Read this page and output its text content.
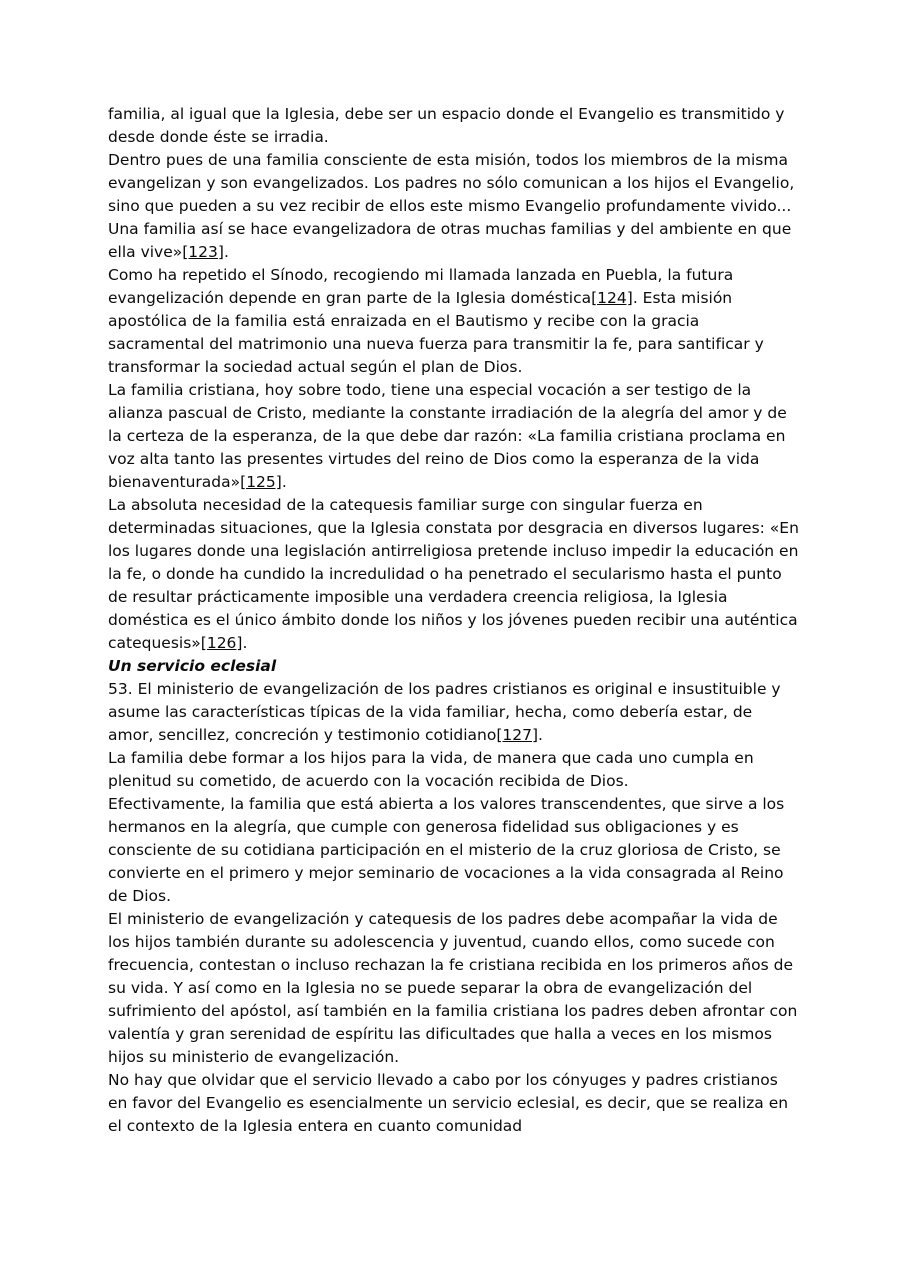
familia, al igual que la Iglesia, debe ser un espacio donde el Evangelio es transmitido y desde donde éste se irradia.

Dentro pues de una familia consciente de esta misión, todos los miembros de la misma evangelizan y son evangelizados. Los padres no sólo comunican a los hijos el Evangelio, sino que pueden a su vez recibir de ellos este mismo Evangelio profundamente vivido... Una familia así se hace evangelizadora de otras muchas familias y del ambiente en que ella vive»[123].

Como ha repetido el Sínodo, recogiendo mi llamada lanzada en Puebla, la futura evangelización depende en gran parte de la Iglesia doméstica[124]. Esta misión apostólica de la familia está enraizada en el Bautismo y recibe con la gracia sacramental del matrimonio una nueva fuerza para transmitir la fe, para santificar y transformar la sociedad actual según el plan de Dios.

La familia cristiana, hoy sobre todo, tiene una especial vocación a ser testigo de la alianza pascual de Cristo, mediante la constante irradiación de la alegría del amor y de la certeza de la esperanza, de la que debe dar razón: «La familia cristiana proclama en voz alta tanto las presentes virtudes del reino de Dios como la esperanza de la vida bienaventurada»[125].

La absoluta necesidad de la catequesis familiar surge con singular fuerza en determinadas situaciones, que la Iglesia constata por desgracia en diversos lugares: «En los lugares donde una legislación antirreligiosa pretende incluso impedir la educación en la fe, o donde ha cundido la incredulidad o ha penetrado el secularismo hasta el punto de resultar prácticamente imposible una verdadera creencia religiosa, la Iglesia doméstica es el único ámbito donde los niños y los jóvenes pueden recibir una auténtica catequesis»[126].

Un servicio eclesial

53. El ministerio de evangelización de los padres cristianos es original e insustituible y asume las características típicas de la vida familiar, hecha, como debería estar, de amor, sencillez, concreción y testimonio cotidiano[127].

La familia debe formar a los hijos para la vida, de manera que cada uno cumpla en plenitud su cometido, de acuerdo con la vocación recibida de Dios.

Efectivamente, la familia que está abierta a los valores transcendentes, que sirve a los hermanos en la alegría, que cumple con generosa fidelidad sus obligaciones y es consciente de su cotidiana participación en el misterio de la cruz gloriosa de Cristo, se convierte en el primero y mejor seminario de vocaciones a la vida consagrada al Reino de Dios.

El ministerio de evangelización y catequesis de los padres debe acompañar la vida de los hijos también durante su adolescencia y juventud, cuando ellos, como sucede con frecuencia, contestan o incluso rechazan la fe cristiana recibida en los primeros años de su vida. Y así como en la Iglesia no se puede separar la obra de evangelización del sufrimiento del apóstol, así también en la familia cristiana los padres deben afrontar con valentía y gran serenidad de espíritu las dificultades que halla a veces en los mismos hijos su ministerio de evangelización.

No hay que olvidar que el servicio llevado a cabo por los cónyuges y padres cristianos en favor del Evangelio es esencialmente un servicio eclesial, es decir, que se realiza en el contexto de la Iglesia entera en cuanto comunidad
